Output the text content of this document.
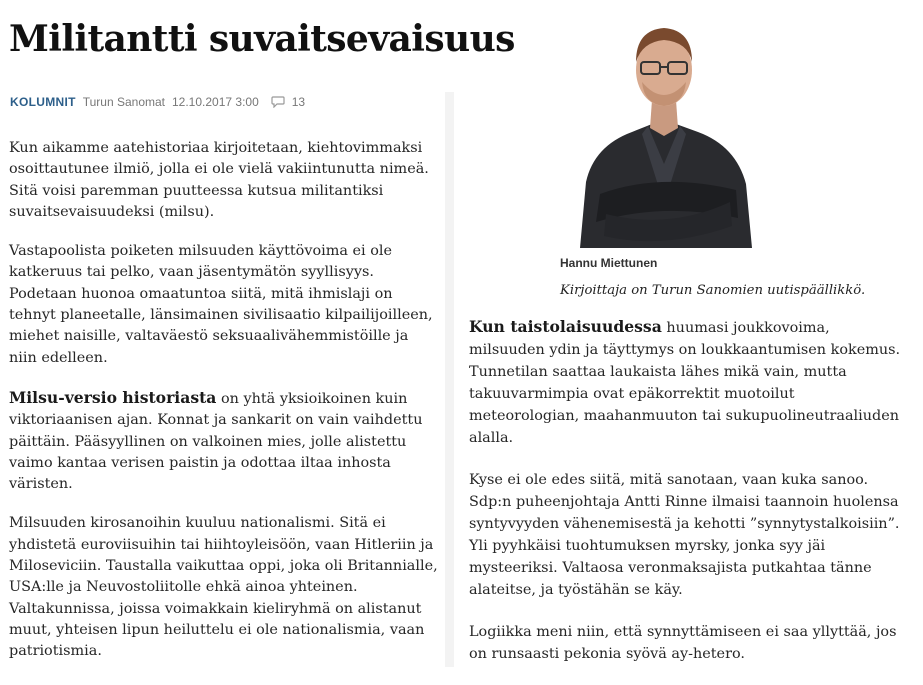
Militantti suvaitsevaisuus
KOLUMNIT Turun Sanomat 12.10.2017 3:00	13

Kun aikamme aatehistoriaa kirjoitetaan, kiehtovimmaksi osoittautunee ilmiö, jolla ei ole vielä vakiintunutta nimeä. Sitä voisi paremman puutteessa kutsua militantiksi suvaitsevaisuudeksi (milsu).

Vastapoolista poiketen milsuuden käyttövoima ei ole katkeruus tai pelko, vaan jäsentymätön syyllisyys. Podetaan huonoa omaatuntoa siitä, mitä ihmislaji on tehnyt planeetalle, länsimainen sivilisaatio kilpailijoilleen, miehet naisille, valtaväestö seksuaalivähemmistöille ja niin edelleen.

Milsu-versio historiasta on yhtä yksioikoinen kuin viktoriaanisen ajan. Konnat ja sankarit on vain vaihdettu päittäin. Pääsyyllinen on valkoinen mies, jolle alistettu vaimo kantaa verisen paistin ja odottaa iltaa inhosta väristen.

Milsuuden kirosanoihin kuuluu nationalismi. Sitä ei yhdistetä euroviisuihin tai hiihtoyleisöön, vaan Hitleriin ja Miloseviciin. Taustalla vaikuttaa oppi, joka oli Britannialle, USA:lle ja Neuvostoliitolle ehkä ainoa yhteinen. Valtakunnissa, joissa voimakkain kieliryhmä on alistanut muut, yhteisen lipun heiluttelu ei ole nationalismia, vaan patriotismia.

Hannu Miettunen

Kirjoittaja on Turun Sanomien uutispäällikkö.

Kun taistolaisuudessa huumasi joukkovoima, milsuuden ydin ja täyttymys on loukkaantumisen kokemus. Tunnetilan saattaa laukaista lähes mikä vain, mutta takuuvarmimpia ovat epäkorrektit muotoilut meteorologian, maahanmuuton tai sukupuolineutraaliuden alalla.

Kyse ei ole edes siitä, mitä sanotaan, vaan kuka sanoo. Sdp:n puheenjohtaja Antti Rinne ilmaisi taannoin huolensa syntyvyyden vähenemisestä ja kehotti ”synnytystalkoisiin”. Yli pyyhkäisi tuohtumuksen myrsky, jonka syy jäi mysteeriksi. Valtaosa veronmaksajista putkahtaa tänne alateitse, ja työstähän se käy.

Logiikka meni niin, että synnyttämiseen ei saa yllyttää, jos on runsaasti pekonia syövä ay-hetero.
